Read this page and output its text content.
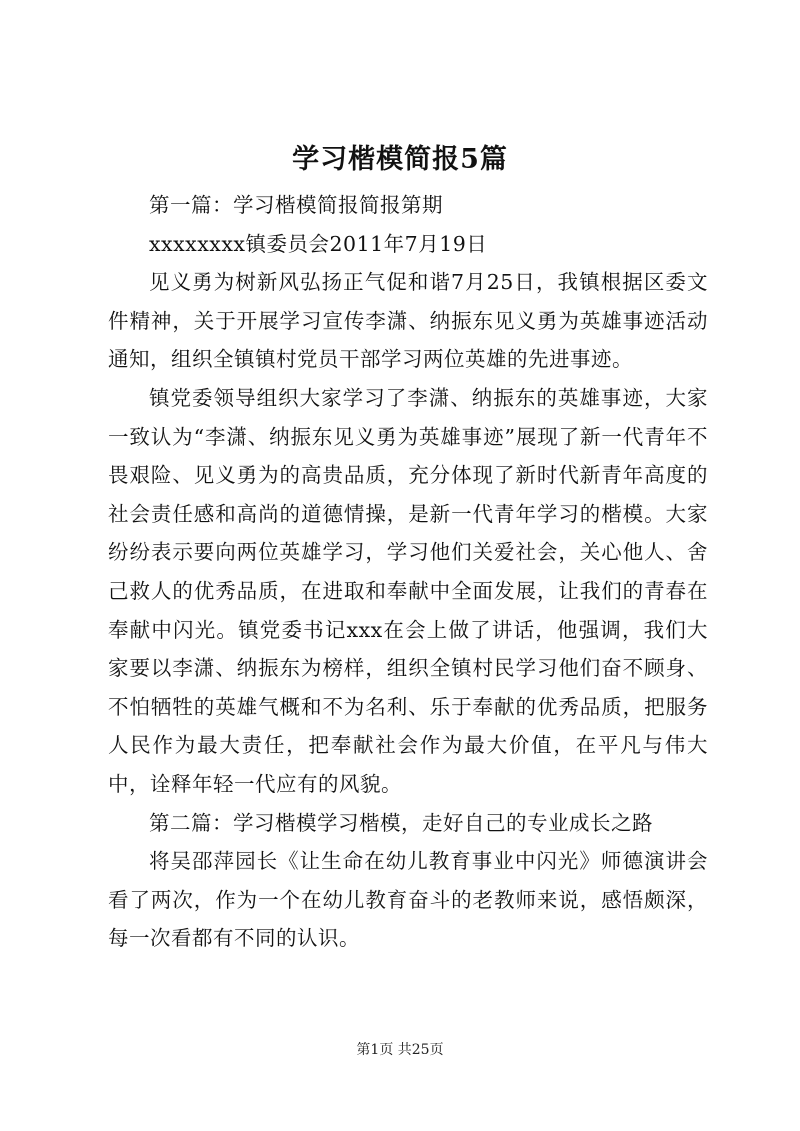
学习楷模简报5篇

第一篇：学习楷模简报简报第期

xxxxxxxx镇委员会2011年7月19日

见义勇为树新风弘扬正气促和谐7月25日，我镇根据区委文件精神，关于开展学习宣传李潇、纳振东见义勇为英雄事迹活动通知，组织全镇镇村党员干部学习两位英雄的先进事迹。

镇党委领导组织大家学习了李潇、纳振东的英雄事迹，大家一致认为“李潇、纳振东见义勇为英雄事迹”展现了新一代青年不畏艰险、见义勇为的高贵品质，充分体现了新时代新青年高度的社会责任感和高尚的道德情操，是新一代青年学习的楷模。大家纷纷表示要向两位英雄学习，学习他们关爱社会，关心他人、舍己救人的优秀品质，在进取和奉献中全面发展，让我们的青春在奉献中闪光。镇党委书记xxx在会上做了讲话，他强调，我们大家要以李潇、纳振东为榜样，组织全镇村民学习他们奋不顾身、不怕牺牲的英雄气概和不为名利、乐于奉献的优秀品质，把服务人民作为最大责任，把奉献社会作为最大价值，在平凡与伟大中，诠释年轻一代应有的风貌。

第二篇：学习楷模学习楷模，走好自己的专业成长之路

将吴邵萍园长《让生命在幼儿教育事业中闪光》师德演讲会看了两次，作为一个在幼儿教育奋斗的老教师来说，感悟颇深，每一次看都有不同的认识。

第1页 共25页
